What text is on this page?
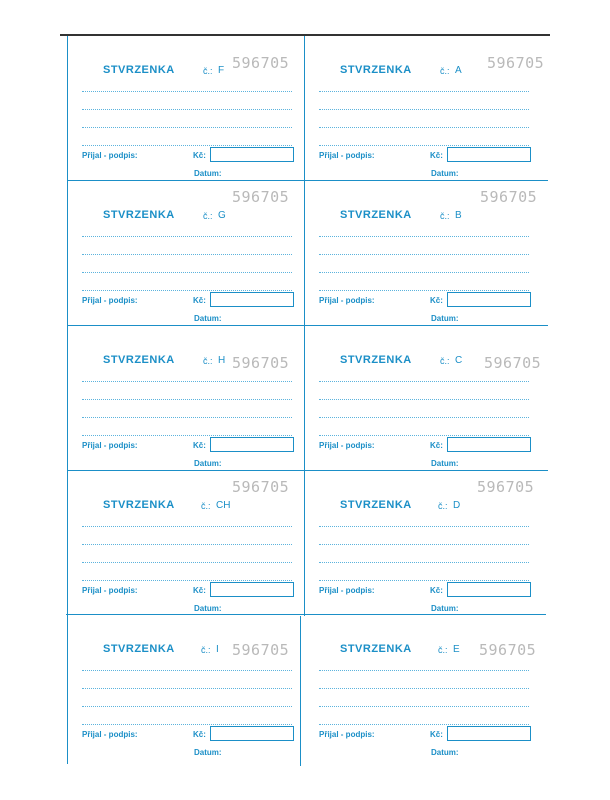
STVRZENKA	č.: F 596705
Přijal - podpis:	Kč:
Datum:
STVRZENKA	č.: A 596705
Přijal - podpis:	Kč:
Datum:
STVRZENKA	č.: G
596705
Přijal - podpis:	Kč:
Datum:
STVRZENKA	č.: B
596705
Přijal - podpis:	Kč:
Datum:
STVRZENKA	č.: H 596705
Přijal - podpis:	Kč:
Datum:
STVRZENKA	č.: C 596705
Přijal - podpis:	Kč:
Datum:
STVRZENKA	č.: CH
596705
Přijal - podpis:	Kč:
Datum:
STVRZENKA	č.: D
596705
Přijal - podpis:	Kč:
Datum:
STVRZENKA	č.: I 596705
Přijal - podpis:	Kč:
Datum:
STVRZENKA	č.: E 596705
Přijal - podpis:	Kč:
Datum:
